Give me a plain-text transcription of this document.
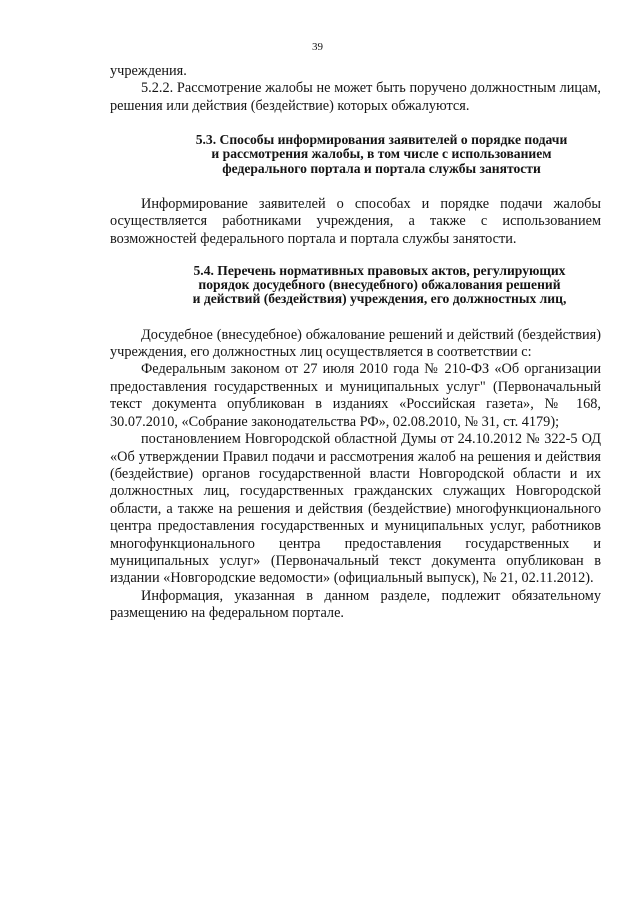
39

учреждения.

5.2.2. Рассмотрение жалобы не может быть поручено должностным лицам, решения или действия (бездействие) которых обжалуются.

5.3. Способы информирования заявителей о порядке подачи
и рассмотрения жалобы, в том числе с использованием
федерального портала и портала службы занятости

Информирование заявителей о способах и порядке подачи жалобы осуществляется работниками учреждения, а также с использованием возможностей федерального портала и портала службы занятости.

5.4. Перечень нормативных правовых актов, регулирующих
порядок досудебного (внесудебного) обжалования решений
и действий (бездействия) учреждения, его должностных лиц,

Досудебное (внесудебное) обжалование решений и действий (бездействия) учреждения, его должностных лиц осуществляется в соответствии с:

Федеральным законом от 27 июля 2010 года № 210-ФЗ «Об организации предоставления государственных и муниципальных услуг" (Первоначальный текст документа опубликован в изданиях «Российская газета», № 168, 30.07.2010, «Собрание законодательства РФ», 02.08.2010, № 31, ст. 4179);

постановлением Новгородской областной Думы от 24.10.2012 № 322-5 ОД «Об утверждении Правил подачи и рассмотрения жалоб на решения и действия (бездействие) органов государственной власти Новгородской области и их должностных лиц, государственных гражданских служащих Новгородской области, а также на решения и действия (бездействие) многофункционального центра предоставления государственных и муниципальных услуг, работников многофункционального центра предоставления государственных и муниципальных услуг» (Первоначальный текст документа опубликован в издании «Новгородские ведомости» (официальный выпуск), № 21, 02.11.2012).

Информация, указанная в данном разделе, подлежит обязательному размещению на федеральном портале.
